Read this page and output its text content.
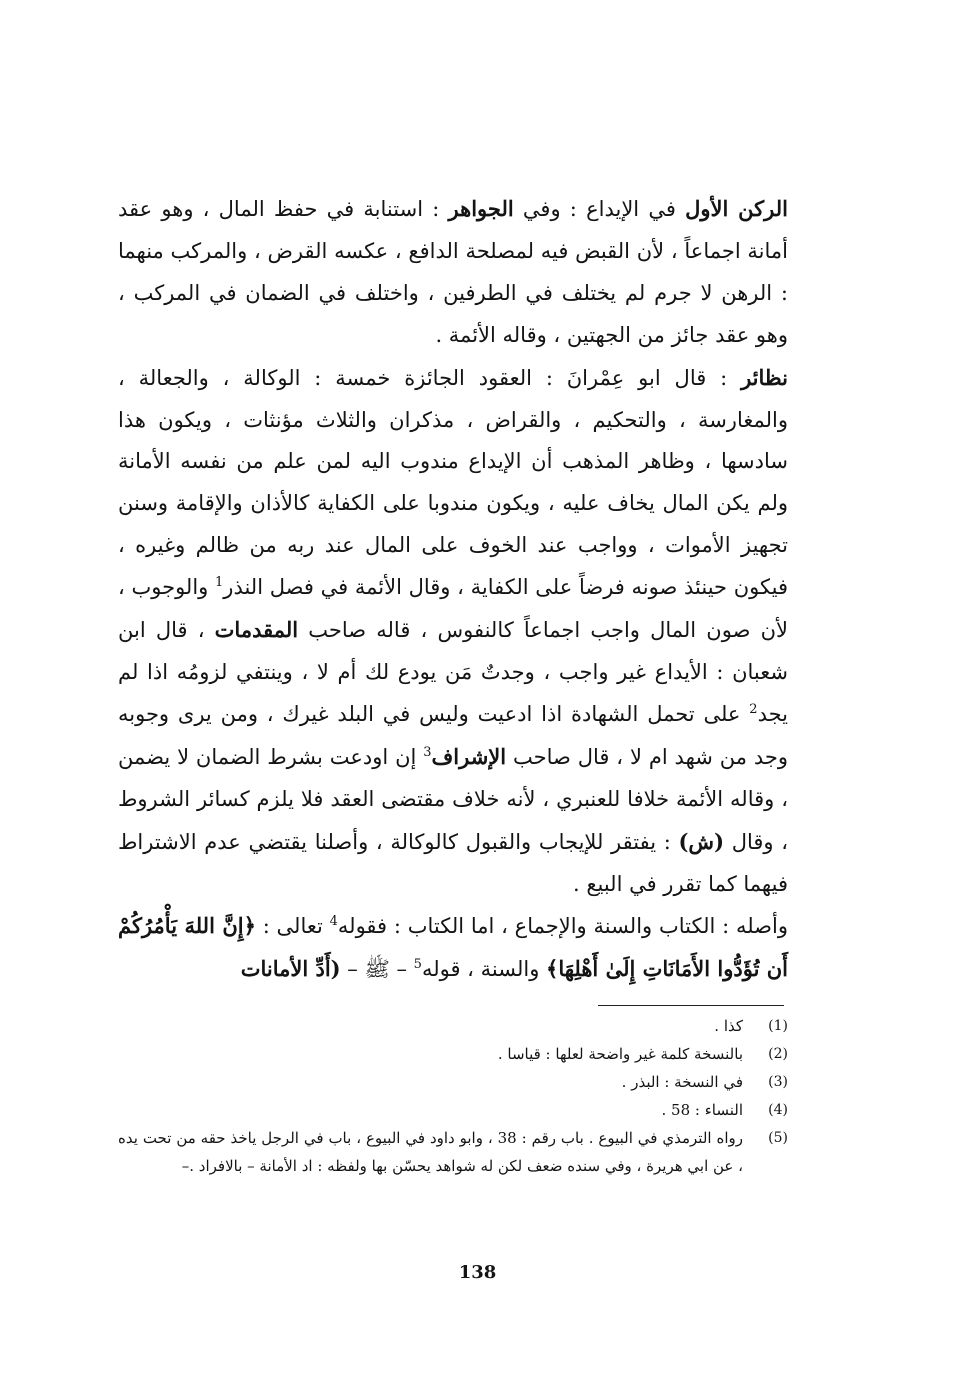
الركن الأول في الإيداع : وفي الجواهر : استنابة في حفظ المال ، وهو عقد أمانة اجماعاً ، لأن القبض فيه لمصلحة الدافع ، عكسه القرض ، والمركب منهما : الرهن لا جرم لم يختلف في الطرفين ، واختلف في الضمان في المركب ، وهو عقد جائز من الجهتين ، وقاله الأئمة .

نظائر : قال ابو عِمْرانَ : العقود الجائزة خمسة : الوكالة ، والجعالة ، والمغارسة ، والتحكيم ، والقراض ، مذكران والثلاث مؤنثات ، ويكون هذا سادسها ، وظاهر المذهب أن الإيداع مندوب اليه لمن علم من نفسه الأمانة ولم يكن المال يخاف عليه ، ويكون مندوبا على الكفاية كالأذان والإقامة وسنن تجهيز الأموات ، وواجب عند الخوف على المال عند ربه من ظالم وغيره ، فيكون حينئذ صونه فرضاً على الكفاية ، وقال الأئمة في فصل النذر$^1$ والوجوب ، لأن صون المال واجب اجماعاً كالنفوس ، قاله صاحب المقدمات ، قال ابن شعبان : الأيداع غير واجب ، وجدتٌ مَن يودع لك أم لا ، وينتفي لزومُه اذا لم يجد$^2$ على تحمل الشهادة اذا ادعيت وليس في البلد غيرك ، ومن يرى وجوبه وجد من شهد ام لا ، قال صاحب الإشراف$^3$ إن اودعت بشرط الضمان لا يضمن ، وقاله الأئمة خلافا للعنبري ، لأنه خلاف مقتضى العقد فلا يلزم كسائر الشروط ، وقال (ش) : يفتقر للإيجاب والقبول كالوكالة ، وأصلنا يقتضي عدم الاشتراط فيهما كما تقرر في البيع .

وأصله : الكتاب والسنة والإجماع ، اما الكتاب : فقوله$^4$ تعالى : ﴿إِنَّ اللهَ يَأْمُرُكُمْ أَن تُؤَدُّوا الأَمَانَاتِ إِلَىٰ أَهْلِهَا﴾ والسنة ، قوله$^5$ – ﷺ – (أَدِّ الأمانات

(1)
كذا .
(2)
بالنسخة كلمة غير واضحة لعلها : قياسا .
(3)
في النسخة : البذر .
(4)
النساء : 58 .
(5)
رواه الترمذي في البيوع . باب رقم : 38 ، وابو داود في البيوع ، باب في الرجل ياخذ حقه من تحت يده ، عن ابي هريرة ، وفي سنده ضعف لكن له شواهد يحسّن بها ولفظه : اد الأمانة – بالافراد .–
138
